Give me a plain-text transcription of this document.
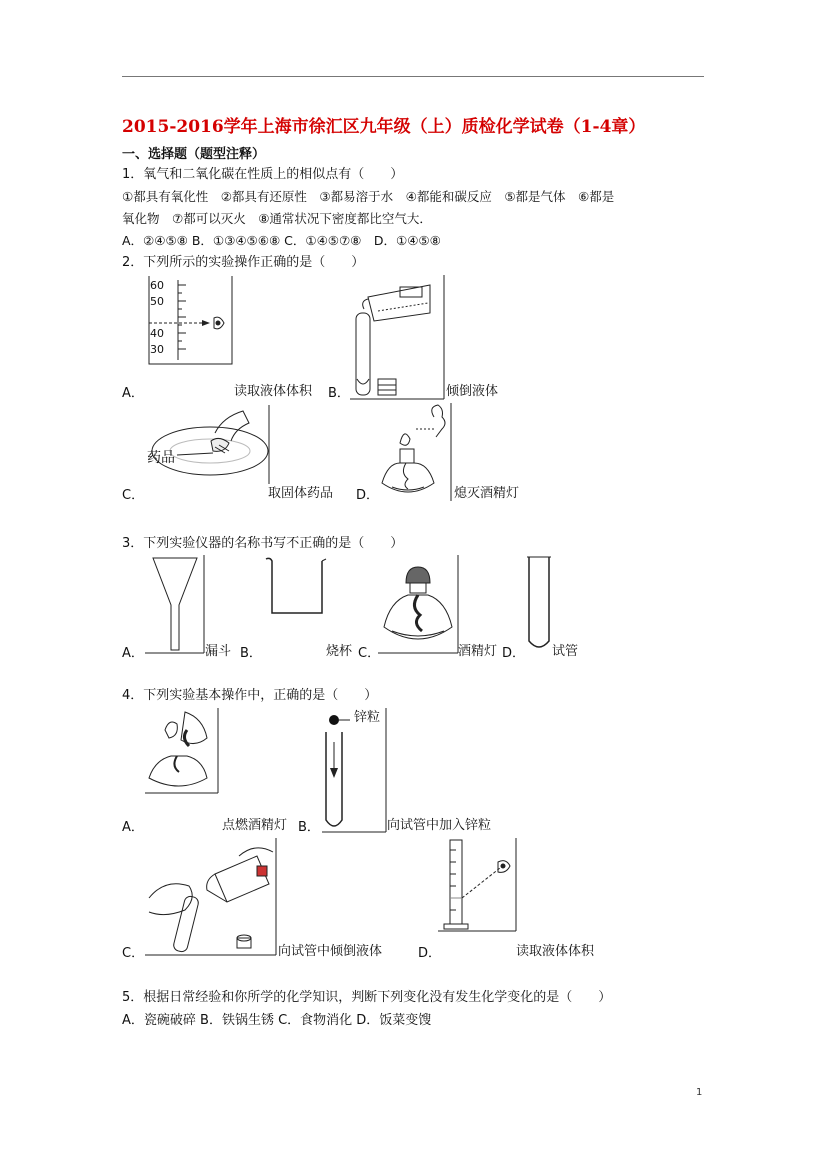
2015-2016学年上海市徐汇区九年级（上）质检化学试卷（1-4章）
一、选择题（题型注释）
1．氧气和二氧化碳在性质上的相似点有（　　）
①都具有氧化性　②都具有还原性　③都易溶于水　④都能和碳反应　⑤都是气体　⑥都是
氧化物　⑦都可以灭火　⑧通常状况下密度都比空气大．
A．②④⑤⑧ B．①③④⑤⑥⑧ C．①④⑤⑦⑧　D．①④⑤⑧
2．下列所示的实验操作正确的是（　　）
60
50
40
30
A．	读取液体体积 B．	倾倒液体
药品
C．	取固体药品 D．	熄灭酒精灯
3．下列实验仪器的名称书写不正确的是（　　）
A．	漏斗 B．	烧杯 C．	酒精灯 D． 试管
4．下列实验基本操作中，正确的是（　　）
A．	点燃酒精灯 B．
锌粒
向试管中加入锌粒
C．	向试管中倾倒液体	D．	读取液体体积
5．根据日常经验和你所学的化学知识，判断下列变化没有发生化学变化的是（　　）
A．瓷碗破碎 B．铁锅生锈 C．食物消化 D．饭菜变馊
1
